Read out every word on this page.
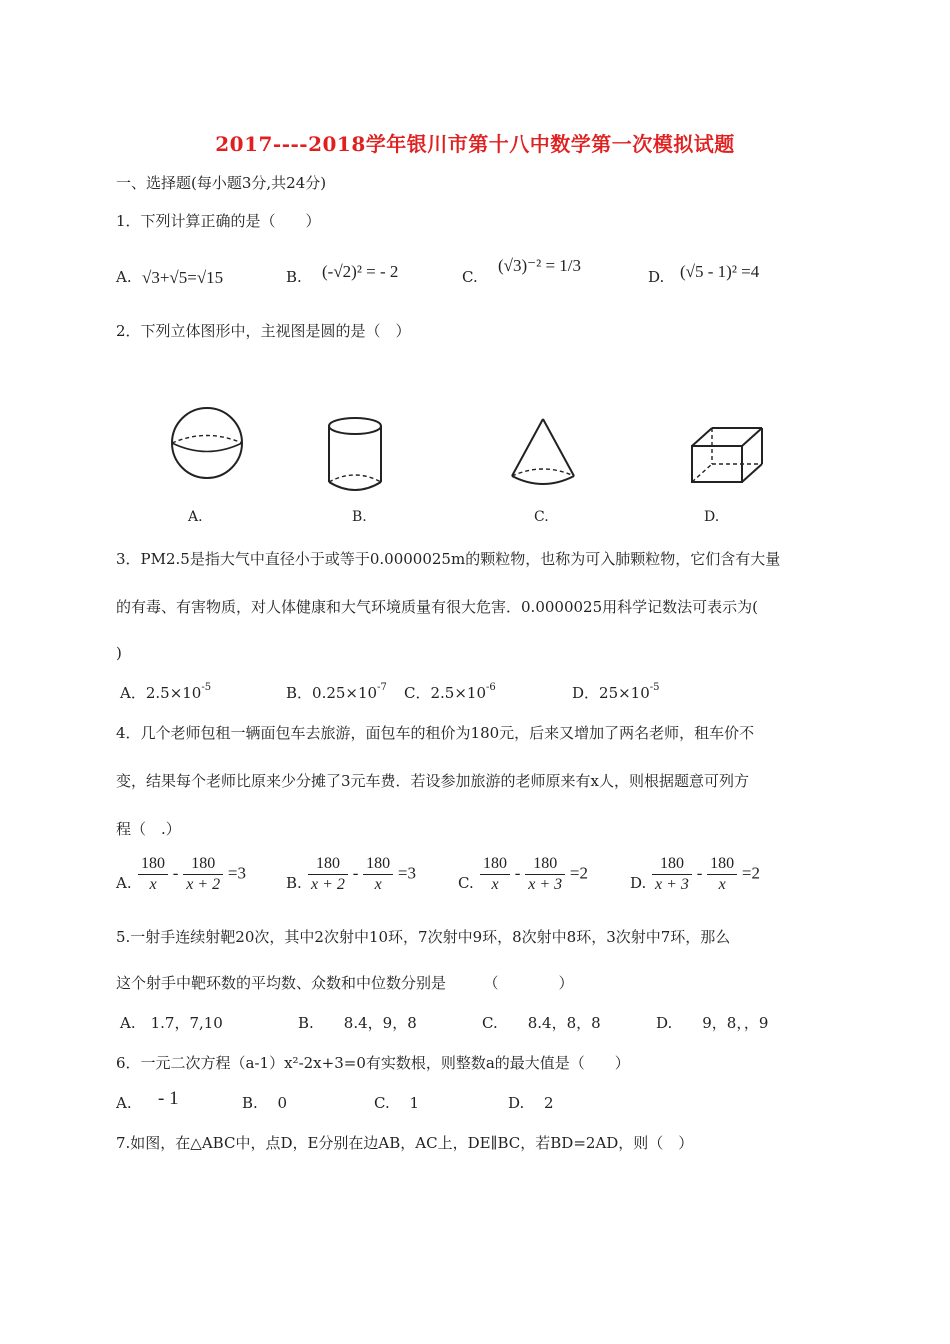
2017----2018学年银川市第十八中数学第一次模拟试题
一、选择题(每小题3分,共24分)
1．下列计算正确的是（　　）
A. √3+√5=√15	B. (-√2)² = - 2	C.
(√3)⁻² = 1/3
D. (√5 - 1)² =4
2．下列立体图形中，主视图是圆的是（　）
A.	B.	C.	D.
3．PM2.5是指大气中直径小于或等于0.0000025m的颗粒物，也称为可入肺颗粒物，它们含有大量
的有毒、有害物质，对人体健康和大气环境质量有很大危害．0.0000025用科学记数法可表示为(
)
A．$2.5\times 10^{-5}$	B．$0.25\times 10^{-7}$ C．$2.5\times 10^{-6}$	D．$25\times 10^{-5}$
4．几个老师包租一辆面包车去旅游，面包车的租价为180元，后来又增加了两名老师，租车价不
变，结果每个老师比原来少分摊了3元车费．若设参加旅游的老师原来有x人，则根据题意可列方
程（　.）
A. $\frac{180}{x} - \frac{180}{x + 2} =3$
B. $\frac{180}{x + 2} - \frac{180}{x} =3$
C. $\frac{180}{x} - \frac{180}{x + 3} =2$
D. $\frac{180}{x + 3} - \frac{180}{x} =2$
5.一射手连续射靶20次，其中2次射中10环，7次射中9环，8次射中8环，3次射中7环，那么
这个射手中靶环数的平均数、众数和中位数分别是　　　（　　　　）
A.　1.7，7,10	B.　　8.4，9，8	C.　　8.4，8，8	D.　　9，8，，9
6．一元二次方程（a-1）x²-2x+3=0有实数根，则整数a的最大值是（　　）
A. - 1	B.　 0	C.　 1	D.　 2
7.如图，在△ABC中，点D，E分别在边AB，AC上，DE∥BC，若BD=2AD，则（　）
